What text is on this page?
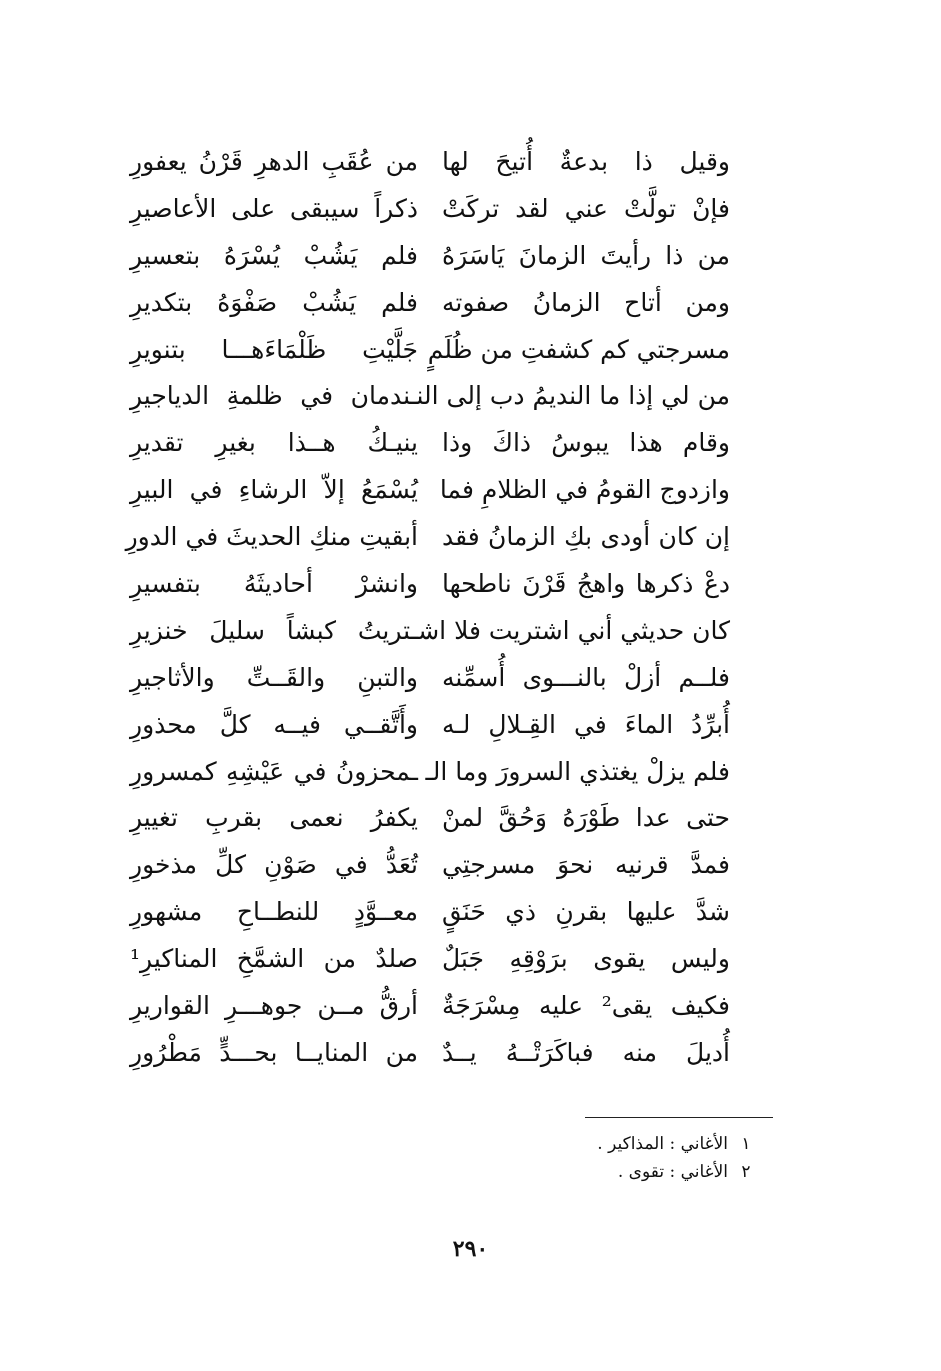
وقيل ذا بدعةٌ أُتيحَ لها
من عُقَبِ الدهرِ قَرْنُ يعفورِ
فإنْ تولَّتْ عني لقد تركَتْ
ذكراً سيبقى على الأعاصيرِ
من ذا رأيتَ الزمانَ يَاسَرَهُ
فلم يَشُبْ يُسْرَهُ بتعسيرِ
ومن أتاح الزمانُ صفوته
فلم يَشُبْ صَفْوَهُ بتكديرِ
مسرجتي كم كشفتِ من ظُلَمٍ
جَلَّيْتِ ظَلْمَاءَهـــا بتنويرِ
من لي إذا ما النديمُ دب إلى النـ
ـندمان في ظلمةِ الدياجيرِ
وقام هذا يبوسُ ذاكَ وذا
ينيـكُ هــذا بغيرِ تقديرِ
وازدوج القومُ في الظلامِ فما
يُسْمَعُ إلاّ الرشاءِ في البيرِ
إن كان أودى بكِ الزمانُ فقد
أبقيتِ منكِ الحديثَ في الدورِ
دعْ ذكرها واهجُ قَرْنَ ناطحها
وانشرْ أحاديثَهُ بتفسيرِ
كان حديثي أني اشتريت فلا اشـ
ـتريتُ كبشاً سليلَ خنزيرِ
فلــم أزلْ بالنـــوى أُسمِّنه
والتبنِ والقَــتِّ والأثاجيرِ
أُبرِّدُ الماءَ في القِـلالِ لـه
وأَتَّقــي فيــه كلَّ محذورِ
فلم يزلْ يغتذي السرورَ وما الـ
ـمحزونُ في عَيْشِهِ كمسرورِ
حتى عدا طَوْرَهُ وَحُقَّ لمنْ
يكفرُ نعمى بقربِ تغييرِ
فمدَّ قرنيه نحوَ مسرجتِي
تُعَدُّ في صَوْنِ كلِّ مذخورِ
شدَّ عليها بقرنِ ذي حَنَقٍ
معــوَّدٍ للنطــاحِ مشهورِ
وليس يقوى برَوْقِهِ جَبَلٌ
صلدٌ من الشمَّخِ المناكيرِ¹
فكيف يقى² عليه مِسْرَجَةٌ
أرقُّ مــن جوهـــرِ القواريرِ
أُديلَ منه فباكَرَتْــهُ يــدٌ
من المنايــا بحـــدٍّ مَطْرُورِ
١
الأغاني : المذاكير .
٢
الأغاني : تقوى .
٢٩٠
